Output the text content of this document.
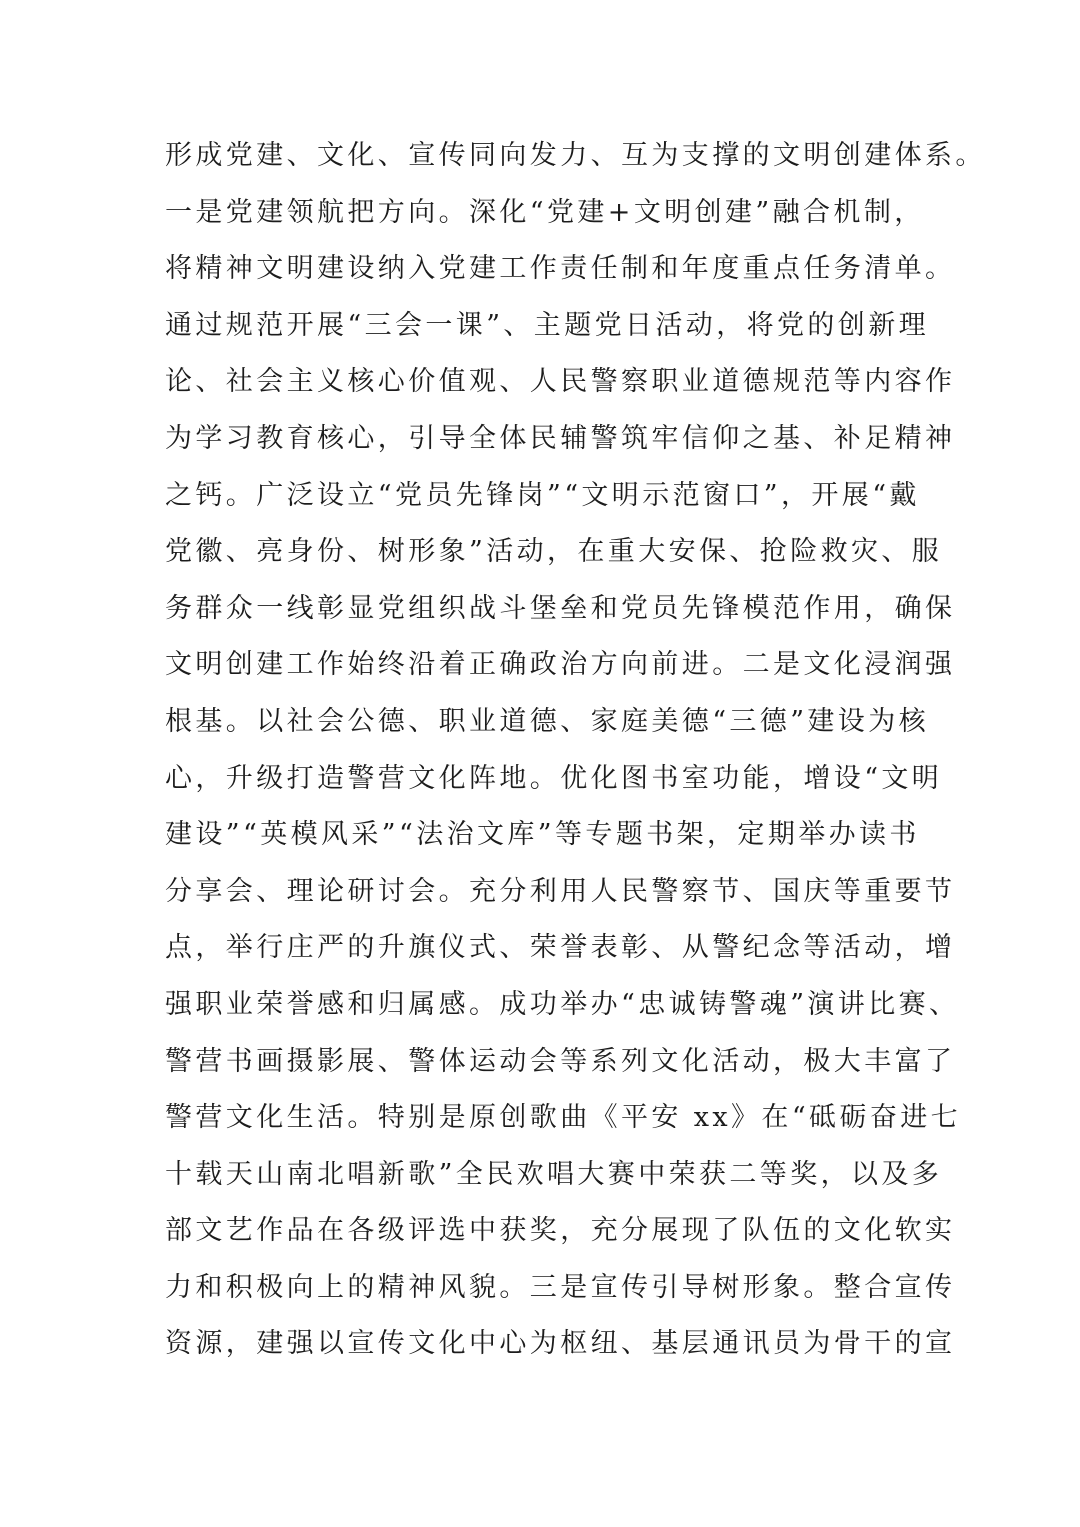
形成党建、文化、宣传同向发力、互为支撑的文明创建体系。
一是党建领航把方向。深化“党建+文明创建”融合机制，
将精神文明建设纳入党建工作责任制和年度重点任务清单。
通过规范开展“三会一课”、主题党日活动，将党的创新理
论、社会主义核心价值观、人民警察职业道德规范等内容作
为学习教育核心，引导全体民辅警筑牢信仰之基、补足精神
之钙。广泛设立“党员先锋岗”“文明示范窗口”，开展“戴
党徽、亮身份、树形象”活动，在重大安保、抢险救灾、服
务群众一线彰显党组织战斗堡垒和党员先锋模范作用，确保
文明创建工作始终沿着正确政治方向前进。二是文化浸润强
根基。以社会公德、职业道德、家庭美德“三德”建设为核
心，升级打造警营文化阵地。优化图书室功能，增设“文明
建设”“英模风采”“法治文库”等专题书架，定期举办读书
分享会、理论研讨会。充分利用人民警察节、国庆等重要节
点，举行庄严的升旗仪式、荣誉表彰、从警纪念等活动，增
强职业荣誉感和归属感。成功举办“忠诚铸警魂”演讲比赛、
警营书画摄影展、警体运动会等系列文化活动，极大丰富了
警营文化生活。特别是原创歌曲《平安 xx》在“砥砺奋进七
十载天山南北唱新歌”全民欢唱大赛中荣获二等奖，以及多
部文艺作品在各级评选中获奖，充分展现了队伍的文化软实
力和积极向上的精神风貌。三是宣传引导树形象。整合宣传
资源，建强以宣传文化中心为枢纽、基层通讯员为骨干的宣
